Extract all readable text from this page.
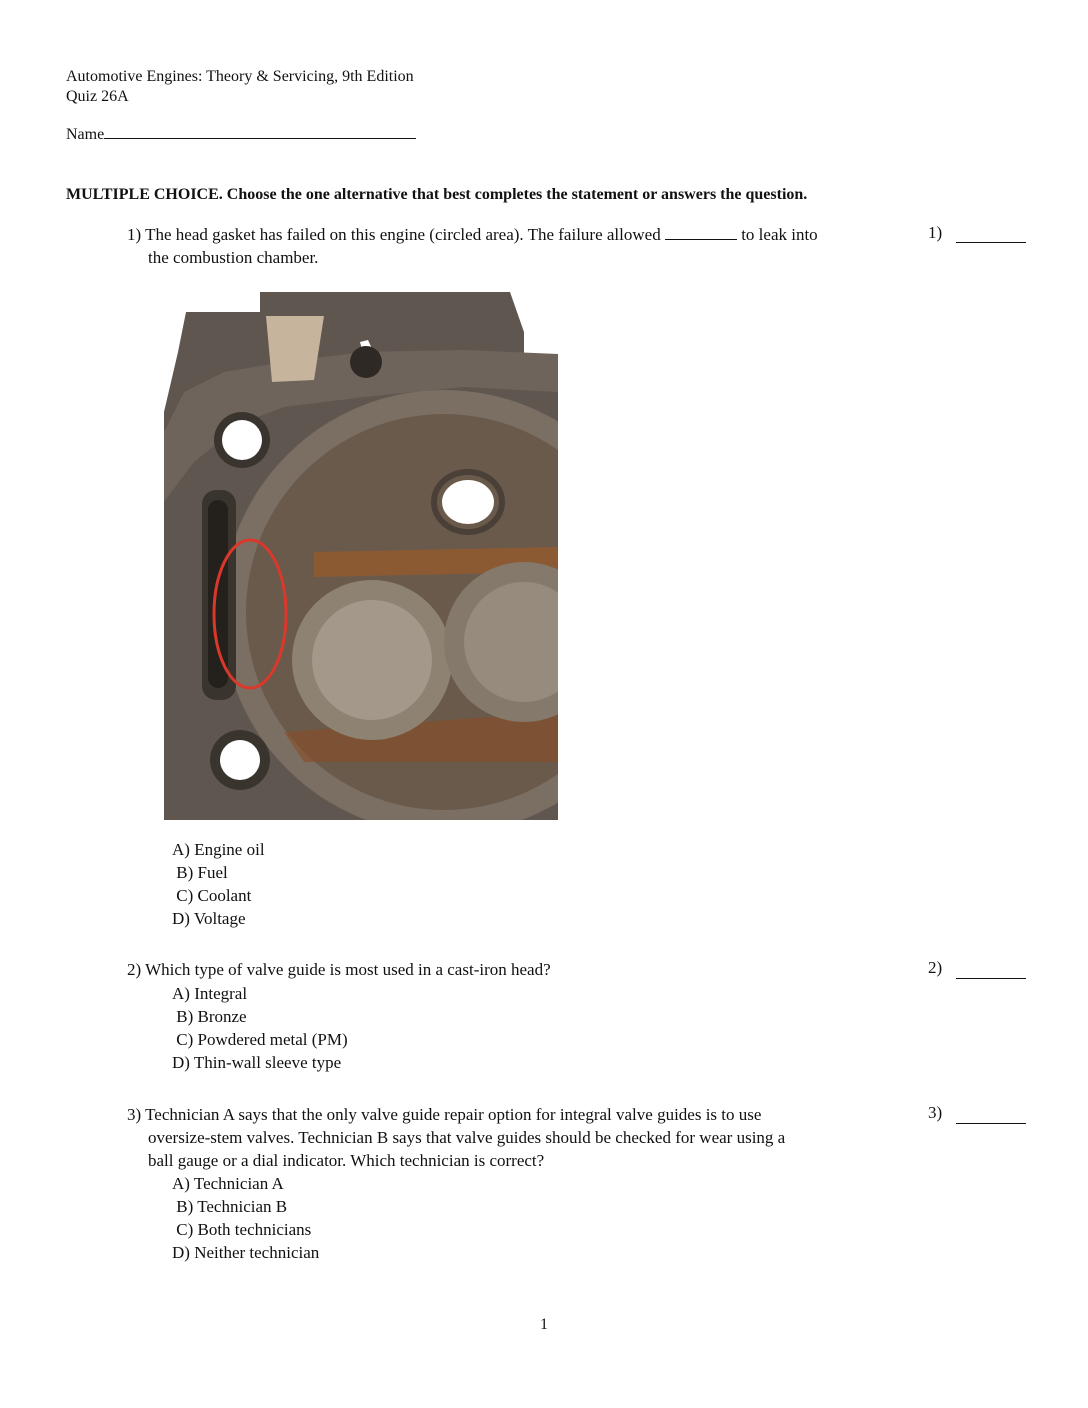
Automotive Engines: Theory & Servicing, 9th Edition
Quiz 26A
Name
MULTIPLE CHOICE. Choose the one alternative that best completes the statement or answers the question.
1) The head gasket has failed on this engine (circled area). The failure allowed	to leak into
the combustion chamber.
1)
A) Engine oil
B) Fuel
C) Coolant
D) Voltage
2) Which type of valve guide is most used in a cast-iron head?	2)
A) Integral
B) Bronze
C) Powdered metal (PM)
D) Thin-wall sleeve type
3) Technician A says that the only valve guide repair option for integral valve guides is to use
oversize-stem valves. Technician B says that valve guides should be checked for wear using a
ball gauge or a dial indicator. Which technician is correct?
3)
A) Technician A
B) Technician B
C) Both technicians
D) Neither technician
1
